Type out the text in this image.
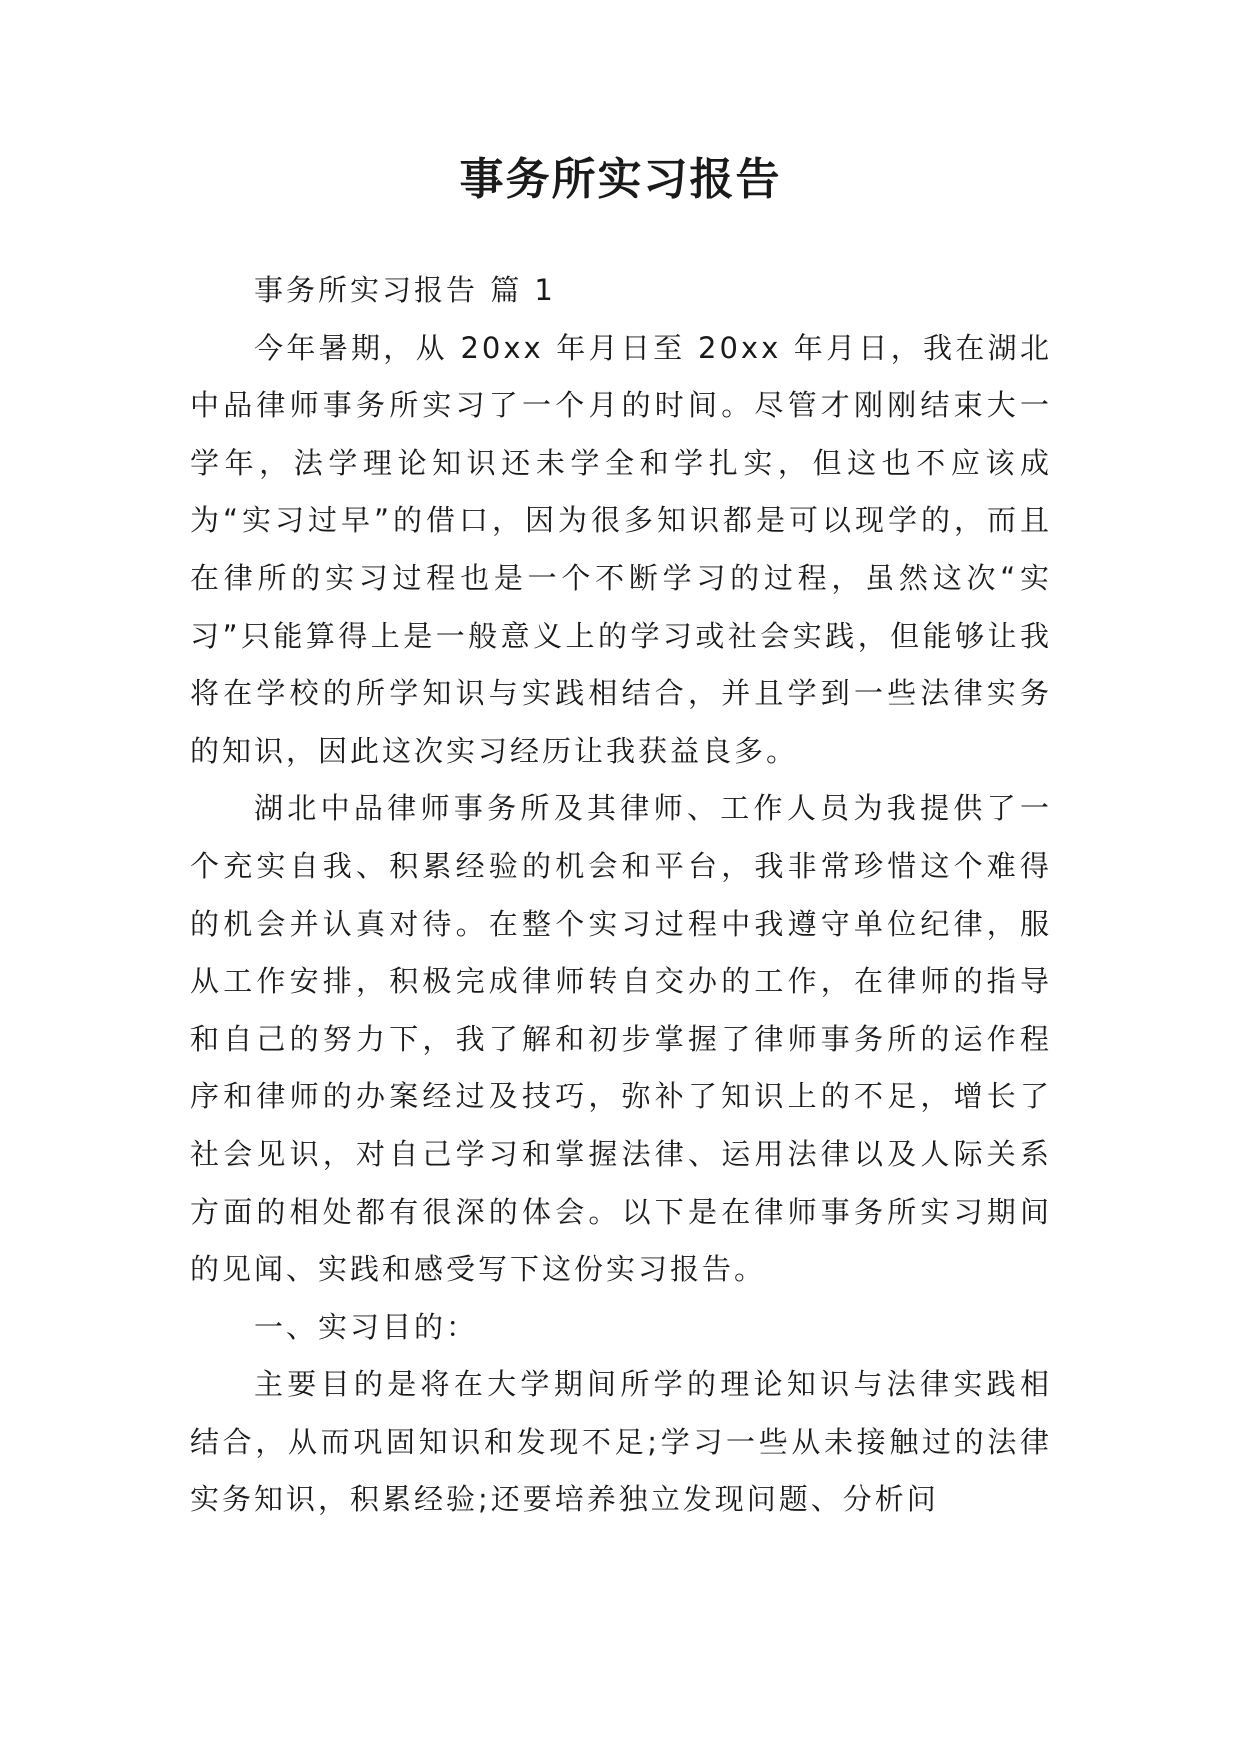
事务所实习报告

事务所实习报告 篇 1

今年暑期，从 20xx 年月日至 20xx 年月日，我在湖北中品律师事务所实习了一个月的时间。尽管才刚刚结束大一学年，法学理论知识还未学全和学扎实，但这也不应该成为“实习过早”的借口，因为很多知识都是可以现学的，而且在律所的实习过程也是一个不断学习的过程，虽然这次“实习”只能算得上是一般意义上的学习或社会实践，但能够让我将在学校的所学知识与实践相结合，并且学到一些法律实务的知识，因此这次实习经历让我获益良多。

湖北中品律师事务所及其律师、工作人员为我提供了一个充实自我、积累经验的机会和平台，我非常珍惜这个难得的机会并认真对待。在整个实习过程中我遵守单位纪律，服从工作安排，积极完成律师转自交办的工作，在律师的指导和自己的努力下，我了解和初步掌握了律师事务所的运作程序和律师的办案经过及技巧，弥补了知识上的不足，增长了社会见识，对自己学习和掌握法律、运用法律以及人际关系方面的相处都有很深的体会。以下是在律师事务所实习期间的见闻、实践和感受写下这份实习报告。

一、实习目的：

主要目的是将在大学期间所学的理论知识与法律实践相结合，从而巩固知识和发现不足;学习一些从未接触过的法律实务知识，积累经验;还要培养独立发现问题、分析问
